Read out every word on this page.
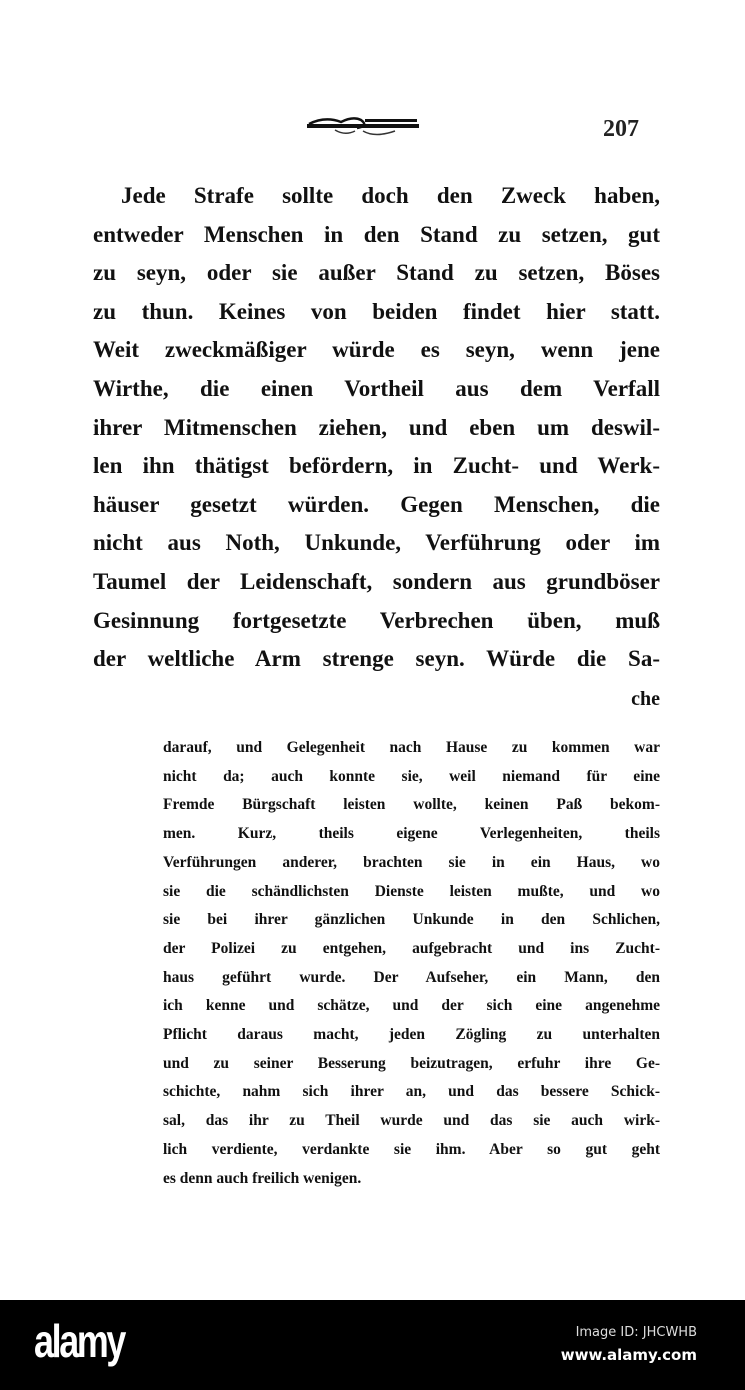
207
Jede Strafe sollte doch den Zweck haben,
entweder Menschen in den Stand zu setzen, gut
zu seyn, oder sie außer Stand zu setzen, Böses
zu thun. Keines von beiden findet hier statt.
Weit zweckmäßiger würde es seyn, wenn jene
Wirthe, die einen Vortheil aus dem Verfall
ihrer Mitmenschen ziehen, und eben um deswil-
len ihn thätigst befördern, in Zucht- und Werk-
häuser gesetzt würden. Gegen Menschen, die
nicht aus Noth, Unkunde, Verführung oder im
Taumel der Leidenschaft, sondern aus grundböser
Gesinnung fortgesetzte Verbrechen üben, muß
der weltliche Arm strenge seyn. Würde die Sa-
che
darauf, und Gelegenheit nach Hause zu kommen war
nicht da; auch konnte sie, weil niemand für eine
Fremde Bürgschaft leisten wollte, keinen Paß bekom-
men. Kurz, theils eigene Verlegenheiten, theils
Verführungen anderer, brachten sie in ein Haus, wo
sie die schändlichsten Dienste leisten mußte, und wo
sie bei ihrer gänzlichen Unkunde in den Schlichen,
der Polizei zu entgehen, aufgebracht und ins Zucht-
haus geführt wurde. Der Aufseher, ein Mann, den
ich kenne und schätze, und der sich eine angenehme
Pflicht daraus macht, jeden Zögling zu unterhalten
und zu seiner Besserung beizutragen, erfuhr ihre Ge-
schichte, nahm sich ihrer an, und das bessere Schick-
sal, das ihr zu Theil wurde und das sie auch wirk-
lich verdiente, verdankte sie ihm. Aber so gut geht
es denn auch freilich wenigen.
alamy	Image ID: JHCWHB
www.alamy.com
